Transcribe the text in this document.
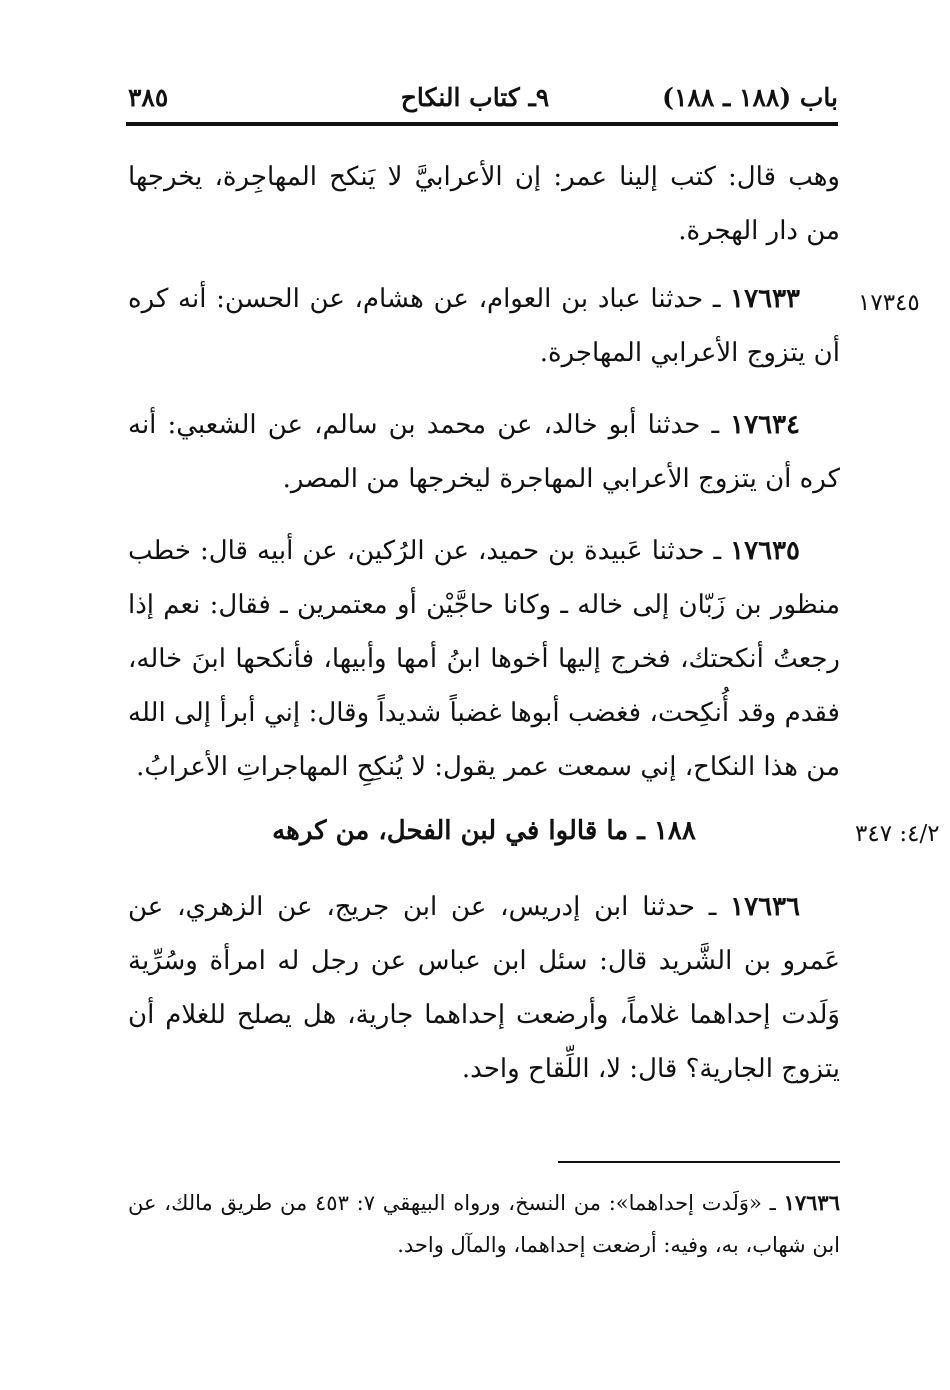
باب (١٨٨ ـ ١٨٨)
٩ـ كتاب النكاح
٣٨٥

وهب قال: كتب إلينا عمر: إن الأعرابيَّ لا يَنكح المهاجِرة، يخرجها من دار الهجرة.

١٧٣٤٥

١٧٦٣٣ ـ حدثنا عباد بن العوام، عن هشام، عن الحسن: أنه كره أن يتزوج الأعرابي المهاجرة.

١٧٦٣٤ ـ حدثنا أبو خالد، عن محمد بن سالم، عن الشعبي: أنه كره أن يتزوج الأعرابي المهاجرة ليخرجها من المصر.

١٧٦٣٥ ـ حدثنا عَبيدة بن حميد، عن الرُكين، عن أبيه قال: خطب منظور بن زَبّان إلى خاله ـ وكانا حاجَّيْن أو معتمرين ـ فقال: نعم إذا رجعتُ أنكحتك، فخرج إليها أخوها ابنُ أمها وأبيها، فأنكحها ابنَ خاله، فقدم وقد أُنكِحت، فغضب أبوها غضباً شديداً وقال: إني أبرأ إلى الله من هذا النكاح، إني سمعت عمر يقول: لا يُنكِحِ المهاجراتِ الأعرابُ.

٤/٢: ٣٤٧
١٨٨ ـ ما قالوا في لبن الفحل، من كرهه

١٧٦٣٦ ـ حدثنا ابن إدريس، عن ابن جريج، عن الزهري، عن عَمرو بن الشَّريد قال: سئل ابن عباس عن رجل له امرأة وسُرِّية وَلَدت إحداهما غلاماً، وأرضعت إحداهما جارية، هل يصلح للغلام أن يتزوج الجارية؟ قال: لا، اللِّقاح واحد.

١٧٦٣٦ ـ «وَلَدت إحداهما»: من النسخ، ورواه البيهقي ٧: ٤٥٣ من طريق مالك، عن ابن شهاب، به، وفيه: أرضعت إحداهما، والمآل واحد.
